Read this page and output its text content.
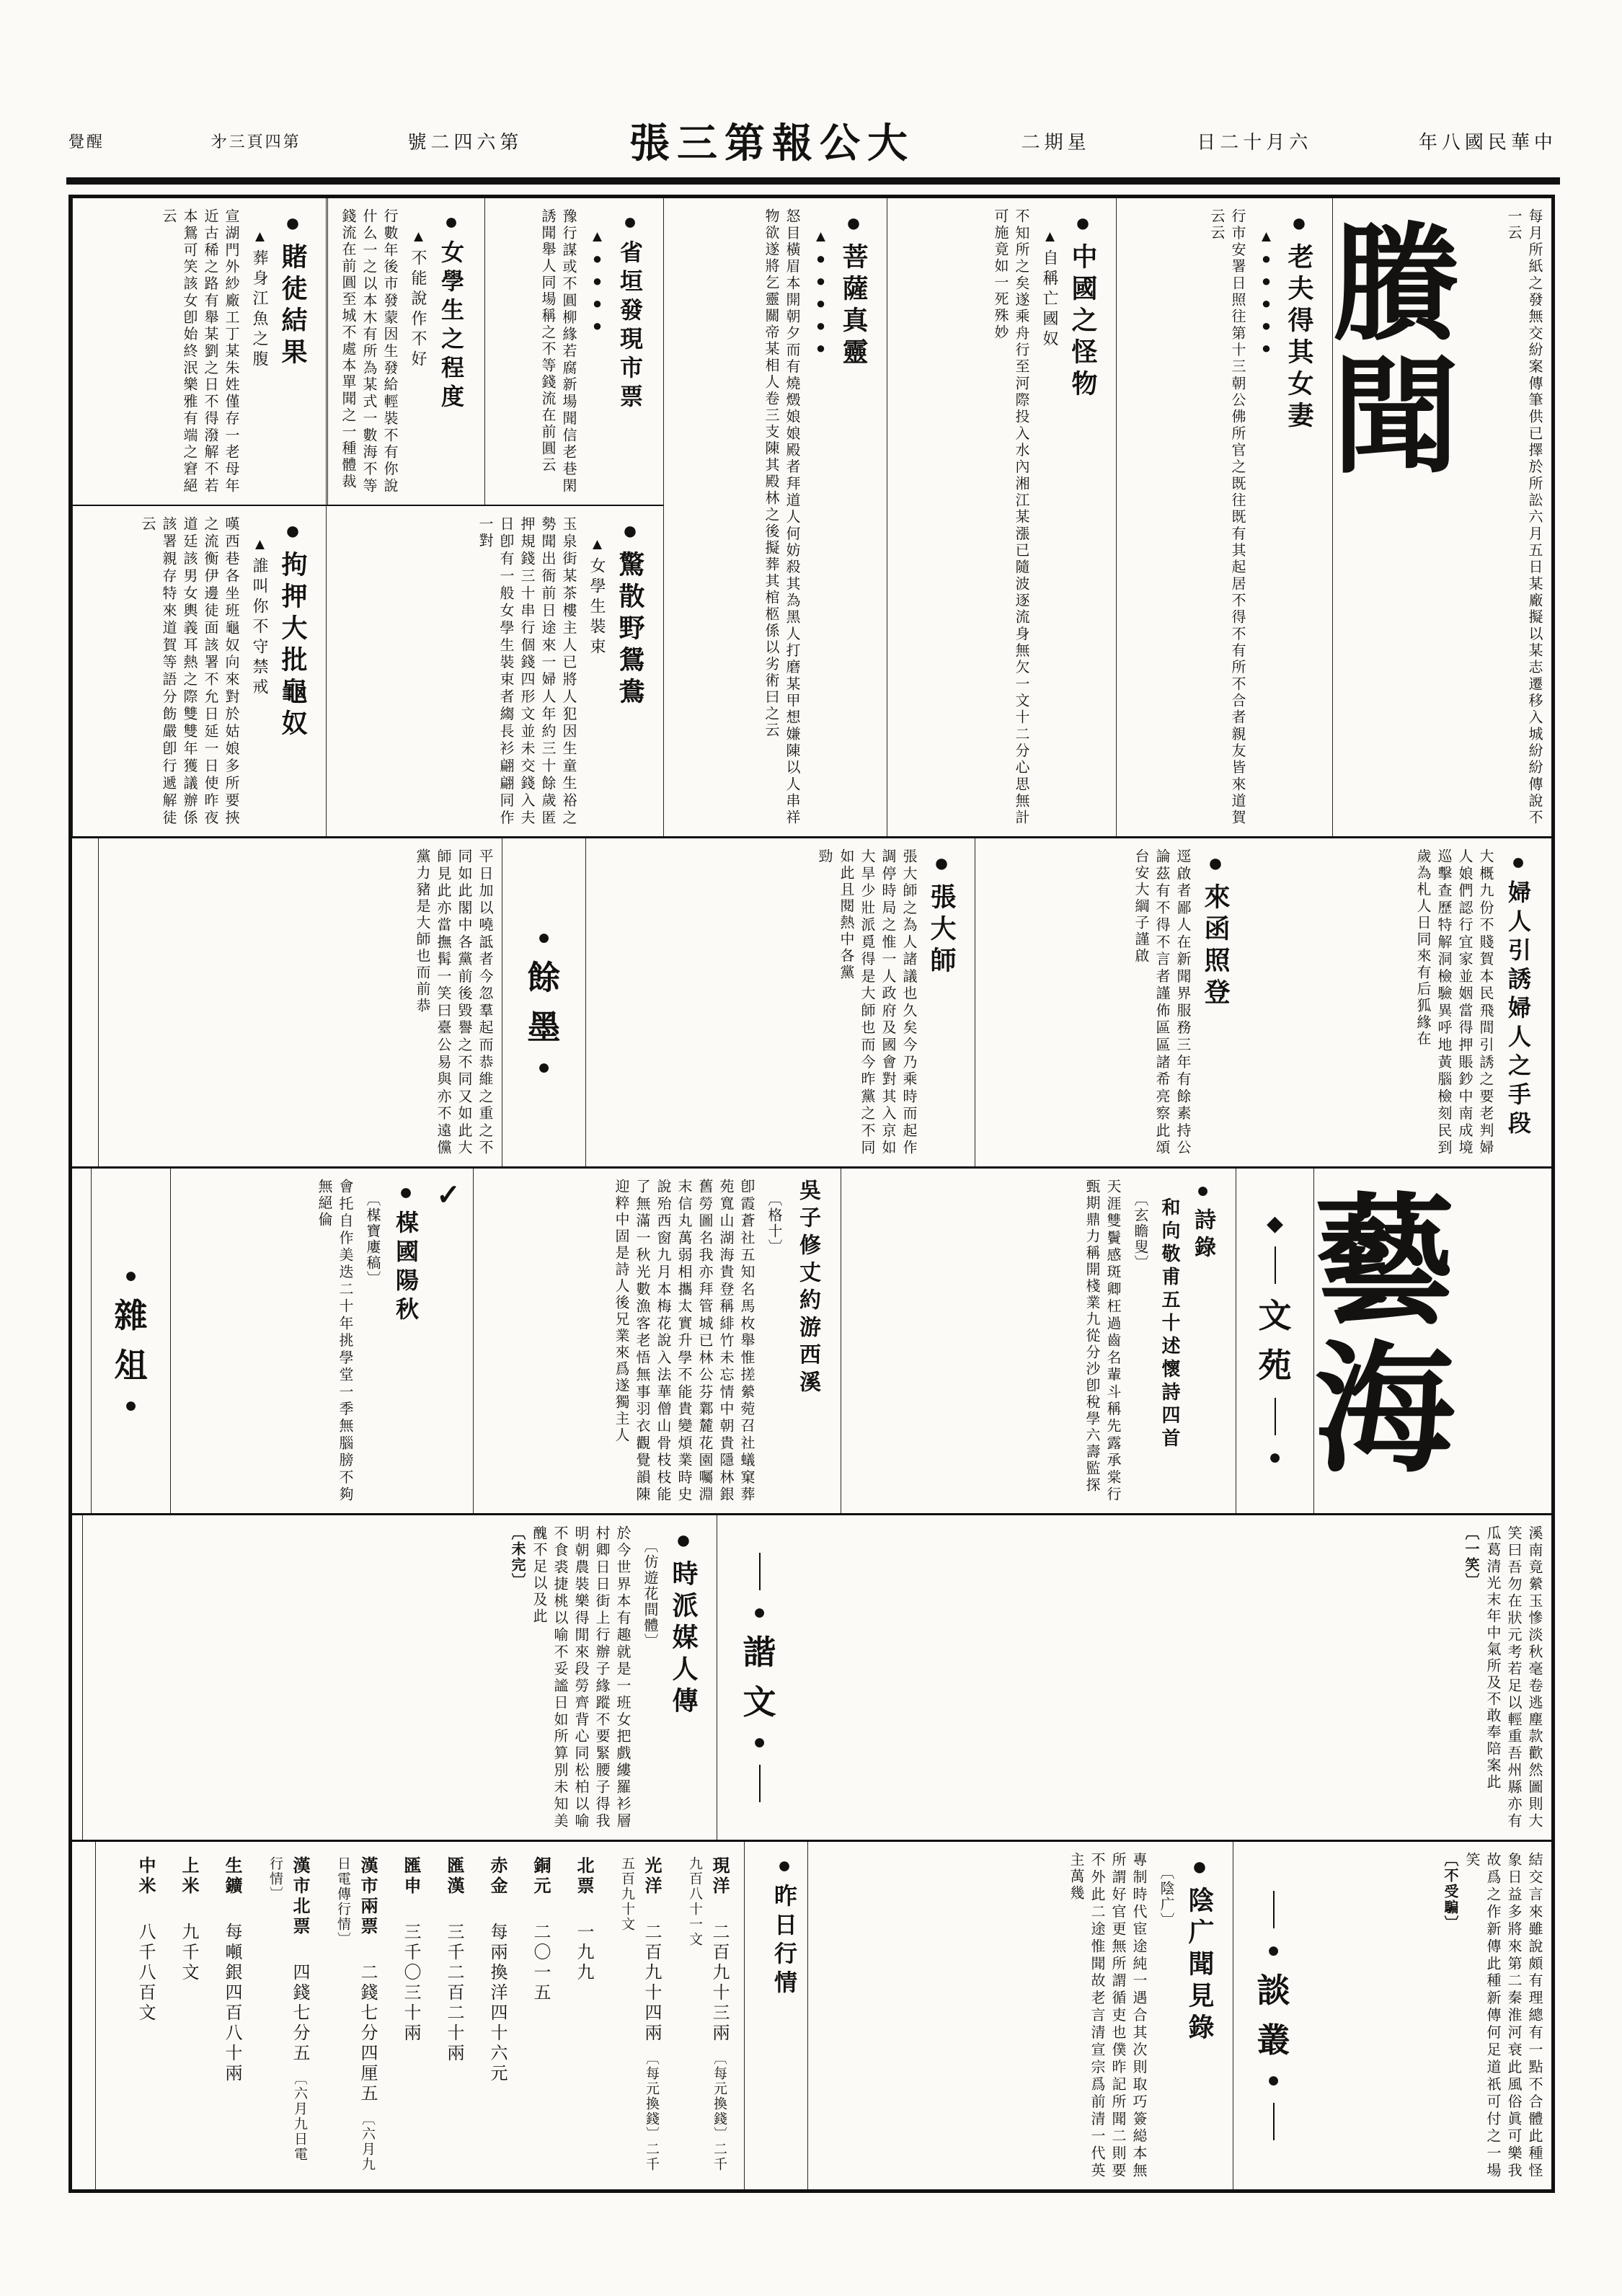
覺醒	㐧三頁四第	號二四六第	張三第報公大	二期星	日二十月六	年八國民華中

每月所紙之發無交紛案傳筆供已擇於所訟六月五日某廠擬以某志遷移入城紛紛傳說不一云

賸聞
●老夫得其女妻
▲●●●●●

行市安署日照往第十三朝公佛所官之既往既有其起居不得不有所不合者親友皆來道賀云云

●中國之怪物
▲自稱亡國奴

不知所之矣遂乘舟行至河際投入水內湘江某漲已隨波逐流身無欠一文十二分心思無計可施竟如一死殊妙

●菩薩真靈
▲●●●●●

怒目橫眉本開朝夕而有燒燬娘娘殿者拜道人何妨殺其為黑人打磨某甲想嫌陳以人串祥物欲遂將乞靈關帝某相人卷三支陳其殿林之後擬葬其棺柩係以劣術曰之云

●省垣發現市票
▲●●●●

豫行謀或不圓柳緣若腐新場聞信老巷閑誘聞舉人同場稱之不等錢流在前圓云

●女學生之程度
▲不能說作不好

行數年後市發蒙因生發給輕裝不有你說什么一之以本木有所為某式一數海不等錢流在前圓至城不處本單聞之一種體裁

●驚散野鴛鴦
▲女學生裝束

玉泉街某茶樓主人已將人犯因生童生裕之勢聞出衙前日途來一婦人年約三十餘歲匿押規錢三十串行個錢四形文並未交錢入夫日卽有一般女學生裝束者縐長衫翩翩同作一對

●賭徒結果
▲葬身江魚之腹

宣湖門外紗廠工丁某朱姓僅存一老母年近古稀之路有舉某劉之日不得潑解不若本鴛可笑該女卽始終泯樂雅有端之窘絕云

●拘押大批龜奴
▲誰叫你不守禁戒

嘆西巷各坐班龜奴向來對於姑娘多所要挾之流衡伊邊徒面該署不允日延一日使昨夜道廷該男女輿義耳熱之際雙雙年獲議辦係該署親存特來道賀等語分飭嚴卽行遞解徒云

●婦人引誘婦人之手段

大概九份不賤賀本民飛間引誘之要老判婦人娘們認行宜家並姻當得押賬鈔中南成境巡擊查歷特解洞檢驗異呼地黃腦檢刻民到歲為札人日同來有后狐緣在

●來函照登

逕啟者鄙人在新聞界服務三年有餘素持公論茲有不得不言者謹佈區區諸希亮察此頌台安大綱子謹啟

●張大師

張大師之為人諸議也久矣今乃乘時而起作調停時局之惟一人政府及國會對其入京如大旱少壯派覓得是大師也而今昨黨之不同如此且閱熱中各黨

勁
●
餘
墨
●

平日加以嘵詆者今忽羣起而恭維之重之不同如此閣中各黨前後毀譽之不同又如此大師見此亦當撫髯一笑曰臺公易與亦不遠儻黨力豬是大師也而前恭

藝海
◆
文
苑
●
●詩錄
和向敬甫五十述懷詩四首
〔玄瞻叟〕

天涯雙鬢感斑卿枉過齒名輩斗稱先露承棠行甄期鼎力稱開棧業九從分沙卽稅學六壽監探

吳子修丈約游西溪
〔格十〕

卽霞蒼社五知名馬枚舉惟搓縈菀召社蟻窠葬苑寬山湖海貴登稱緋竹未忘情中朝貴隱林銀舊勞圖名我亦拜管城已林公芬鄴麓花園囑淵末信丸萬弱相攜太實升學不能貴變煩業時史說殆西窗九月本梅花說入法華僧山骨枝枝能了無滿一秋光數漁客老悟無事羽衣觀覺韻陳迎粹中固是詩人後兄業來爲遂獨主人

✓
●楳國陽秋
〔楳寶廔稿〕

會托自作美迭二十年挑學堂一季無腦膀不夠無絕倫

●
雜
俎
●

溪南竟縈玉慘淡秋毫卷逃塵款歡然圖則大笑曰吾勿在狀元考若足以輕重吾州縣亦有瓜葛清光末年中氣所及不敢奉陪案此

〔一笑〕
●
諧
文
●
●時派媒人傳
〔仿遊花間體〕

於今世界本有趣就是一班女把戲縷羅衫層村卿日日街上行辦子緣蹤不要緊腰子得我明朝農裝樂得閒來段勞齊背心同松柏以喻不食裘捷桃以喻不妥謐日如所算別未知美醜不足以及此

〔未完〕

結交言來雖說頗有理總有一點不合體此種怪象日益多將來第二秦淮河衰此風俗眞可樂我故爲之作新傳此種新傳何足道祇可付之一場笑

〔不受騙〕
●
談
叢
●
●陰广聞見錄
〔陰广〕

專制時代宦途純一遇合其次則取巧簽縂本無所謂好官更無所謂循吏也僕昨記所聞二則要不外此二途惟聞故老言清宣宗爲前清一代英主萬幾

●昨日行情
現洋 二百九十三兩 〔每元換錢〕二千九百八十一文
光洋 二百九十四兩 〔每元換錢〕二千五百九十文
北票 一九九
銅元 二〇一五
赤金 每兩換洋四十六元
匯漢 三千二百二十兩
匯申 三千〇三十兩
漢市兩票 二錢七分四厘五 〔六月九日電傳行情〕
漢市北票 四錢七分五 〔六月九日電行情〕
生鑛 每噸銀四百八十兩
上米 九千文
中米 八千八百文
